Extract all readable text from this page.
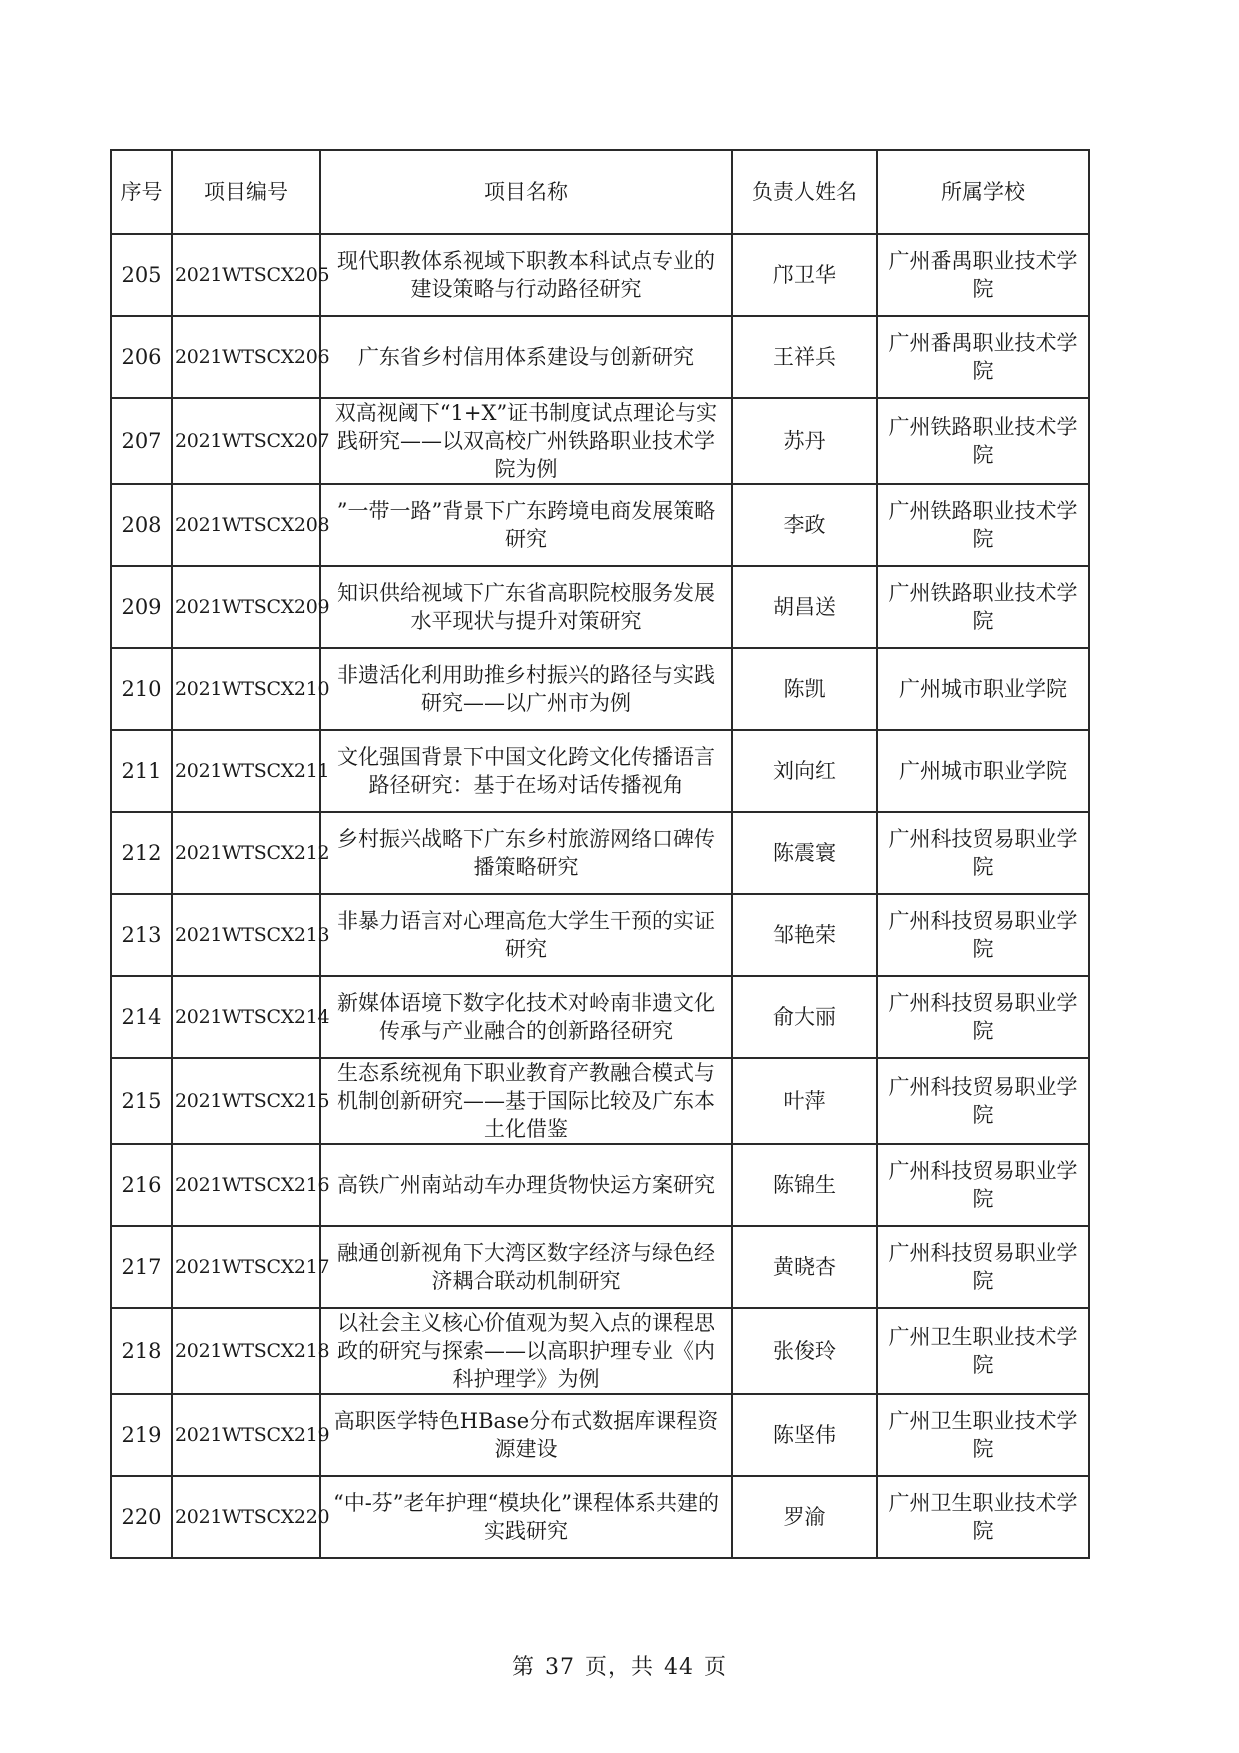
序号	项目编号	项目名称	负责人姓名	所属学校
205	2021WTSCX205	现代职教体系视域下职教本科试点专业的建设策略与行动路径研究	邝卫华	广州番禺职业技术学院
206	2021WTSCX206	广东省乡村信用体系建设与创新研究	王祥兵	广州番禺职业技术学院
207	2021WTSCX207	双高视阈下“1+X”证书制度试点理论与实践研究——以双高校广州铁路职业技术学院为例	苏丹	广州铁路职业技术学院
208	2021WTSCX208	”一带一路”背景下广东跨境电商发展策略研究	李政	广州铁路职业技术学院
209	2021WTSCX209	知识供给视域下广东省高职院校服务发展水平现状与提升对策研究	胡昌送	广州铁路职业技术学院
210	2021WTSCX210	非遗活化利用助推乡村振兴的路径与实践研究——以广州市为例	陈凯	广州城市职业学院
211	2021WTSCX211	文化强国背景下中国文化跨文化传播语言路径研究：基于在场对话传播视角	刘向红	广州城市职业学院
212	2021WTSCX212	乡村振兴战略下广东乡村旅游网络口碑传播策略研究	陈震寰	广州科技贸易职业学院
213	2021WTSCX213	非暴力语言对心理高危大学生干预的实证研究	邹艳荣	广州科技贸易职业学院
214	2021WTSCX214	新媒体语境下数字化技术对岭南非遗文化传承与产业融合的创新路径研究	俞大丽	广州科技贸易职业学院
215	2021WTSCX215	生态系统视角下职业教育产教融合模式与机制创新研究——基于国际比较及广东本土化借鉴	叶萍	广州科技贸易职业学院
216	2021WTSCX216	高铁广州南站动车办理货物快运方案研究	陈锦生	广州科技贸易职业学院
217	2021WTSCX217	融通创新视角下大湾区数字经济与绿色经济耦合联动机制研究	黄晓杏	广州科技贸易职业学院
218	2021WTSCX218	以社会主义核心价值观为契入点的课程思政的研究与探索——以高职护理专业《内科护理学》为例	张俊玲	广州卫生职业技术学院
219	2021WTSCX219	高职医学特色HBase分布式数据库课程资源建设	陈坚伟	广州卫生职业技术学院
220	2021WTSCX220	“中-芬”老年护理“模块化”课程体系共建的实践研究	罗渝	广州卫生职业技术学院
第 37 页，共 44 页
